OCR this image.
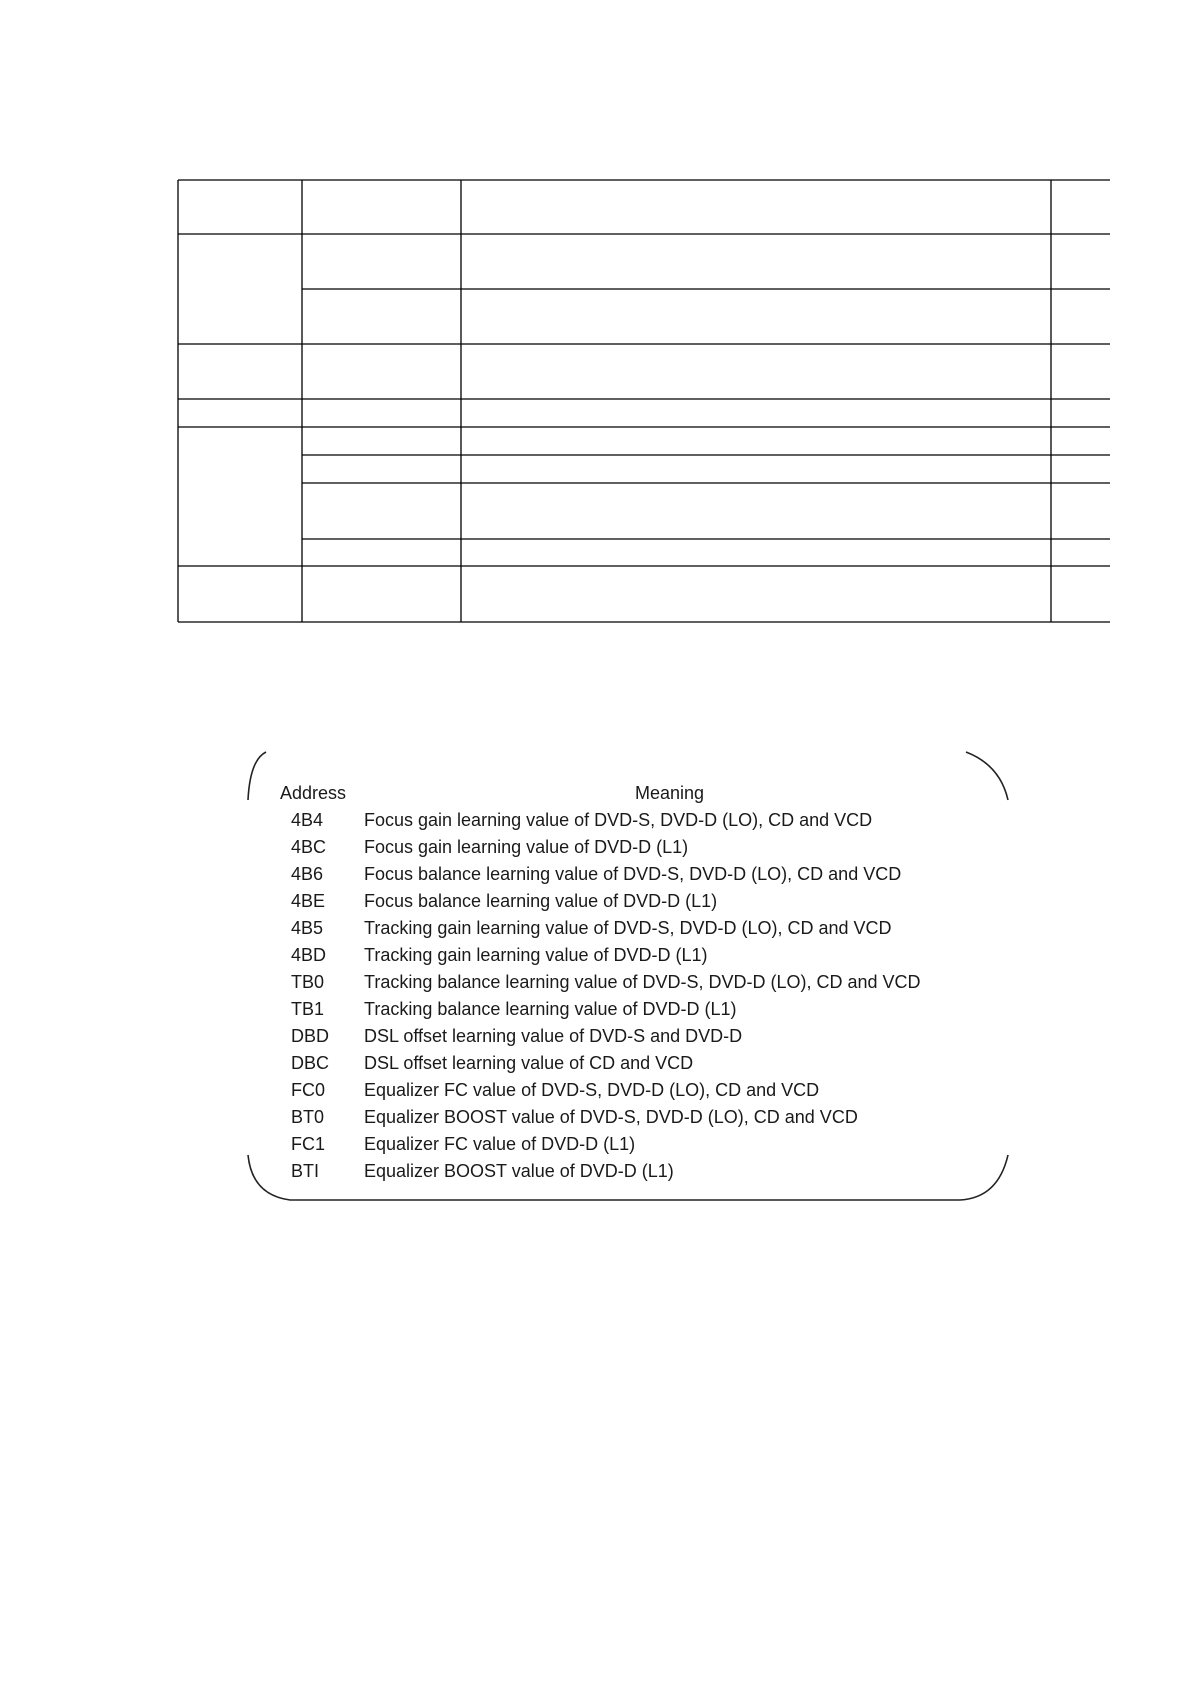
Address	Meaning
4B4 Focus gain learning value of DVD-S, DVD-D (LO), CD and VCD
4BC Focus gain learning value of DVD-D (L1)
4B6 Focus balance learning value of DVD-S, DVD-D (LO), CD and VCD
4BE Focus balance learning value of DVD-D (L1)
4B5 Tracking gain learning value of DVD-S, DVD-D (LO), CD and VCD
4BD Tracking gain learning value of DVD-D (L1)
TB0 Tracking balance learning value of DVD-S, DVD-D (LO), CD and VCD
TB1 Tracking balance learning value of DVD-D (L1)
DBD DSL offset learning value of DVD-S and DVD-D
DBC DSL offset learning value of CD and VCD
FC0 Equalizer FC value of DVD-S, DVD-D (LO), CD and VCD
BT0 Equalizer BOOST value of DVD-S, DVD-D (LO), CD and VCD
FC1 Equalizer FC value of DVD-D (L1)
BTI Equalizer BOOST value of DVD-D (L1)
